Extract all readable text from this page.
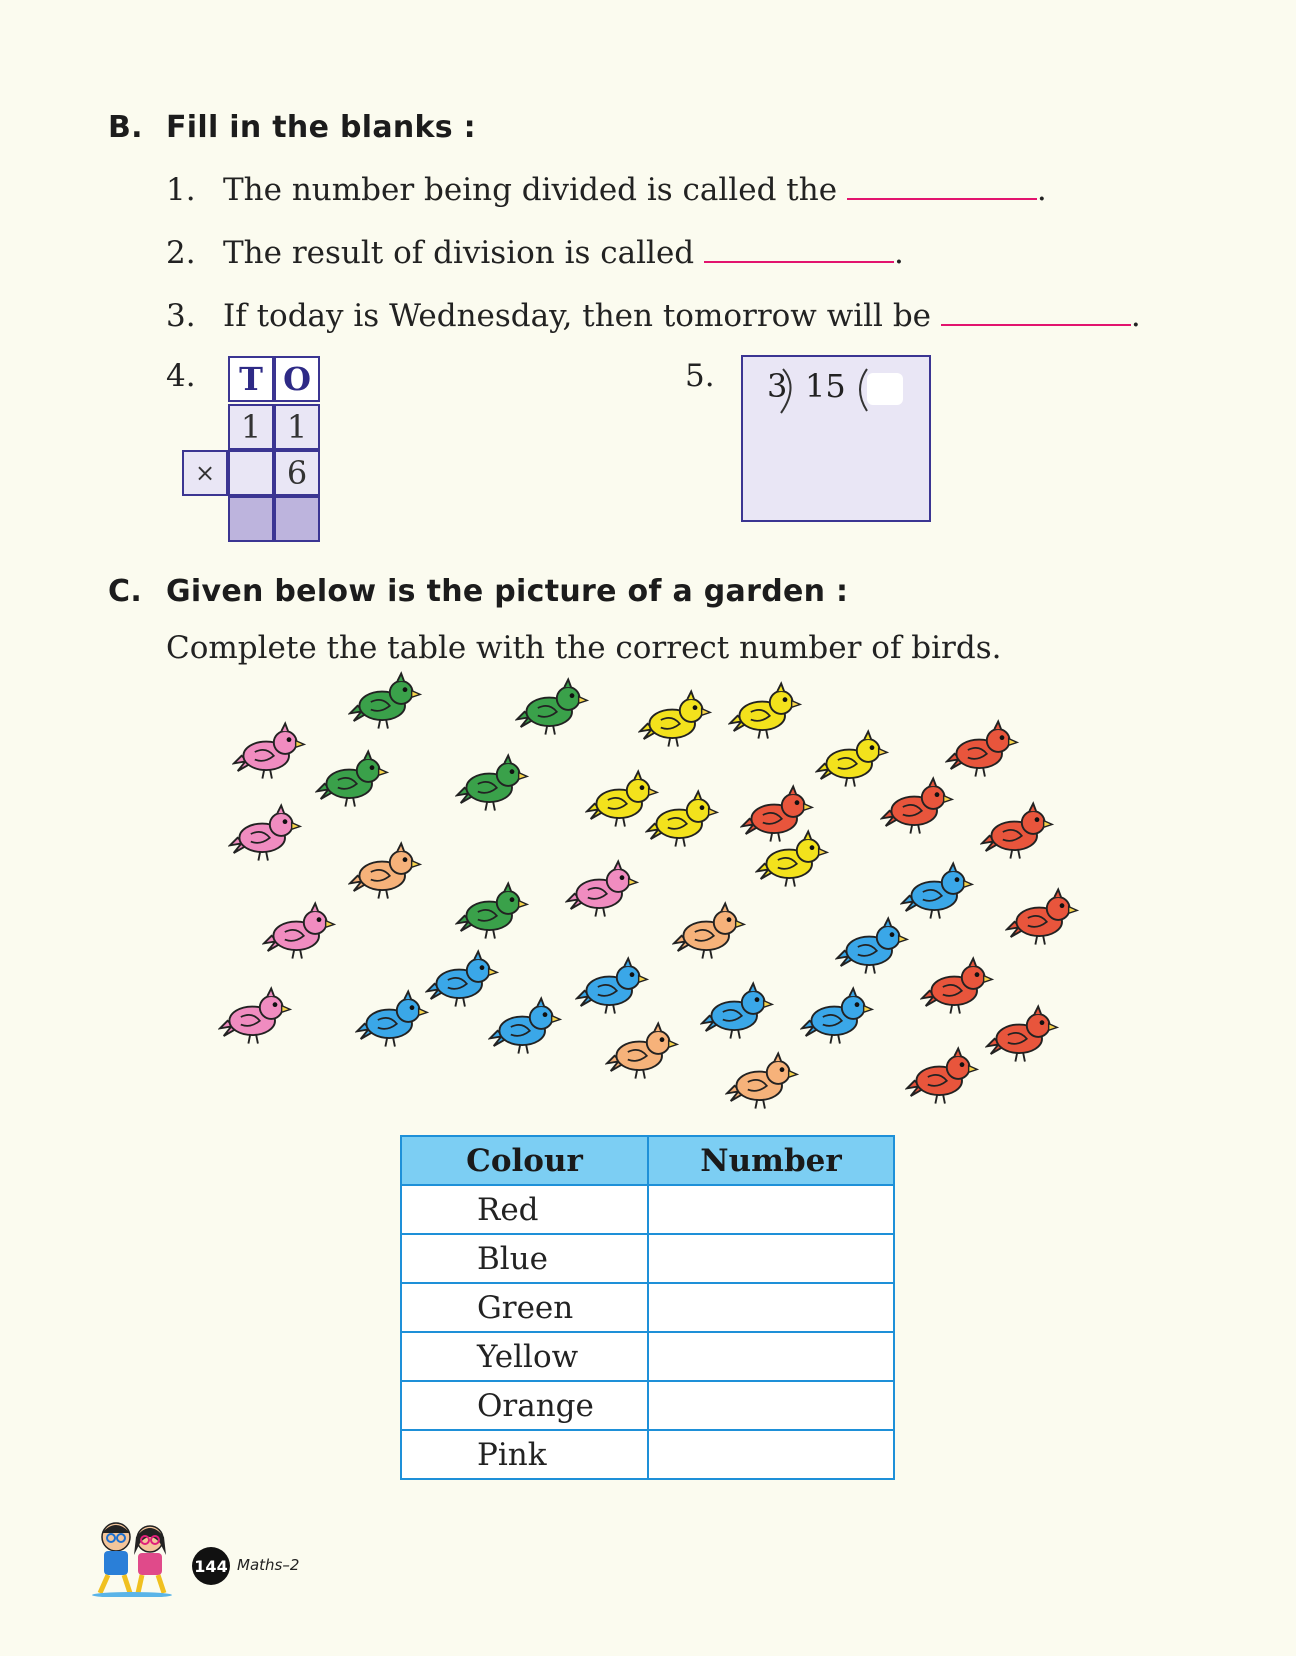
B. Fill in the blanks :
1. The number being divided is called the	.
2. The result of division is called	.
3. If today is Wednesday, then tomorrow will be	.
4.	T O
1 1
×	6
5. 3 15
C. Given below is the picture of a garden :
Complete the table with the correct number of birds.
Colour	Number
Red	
Blue	
Green	
Yellow	
Orange	
Pink	
144 Maths–2
